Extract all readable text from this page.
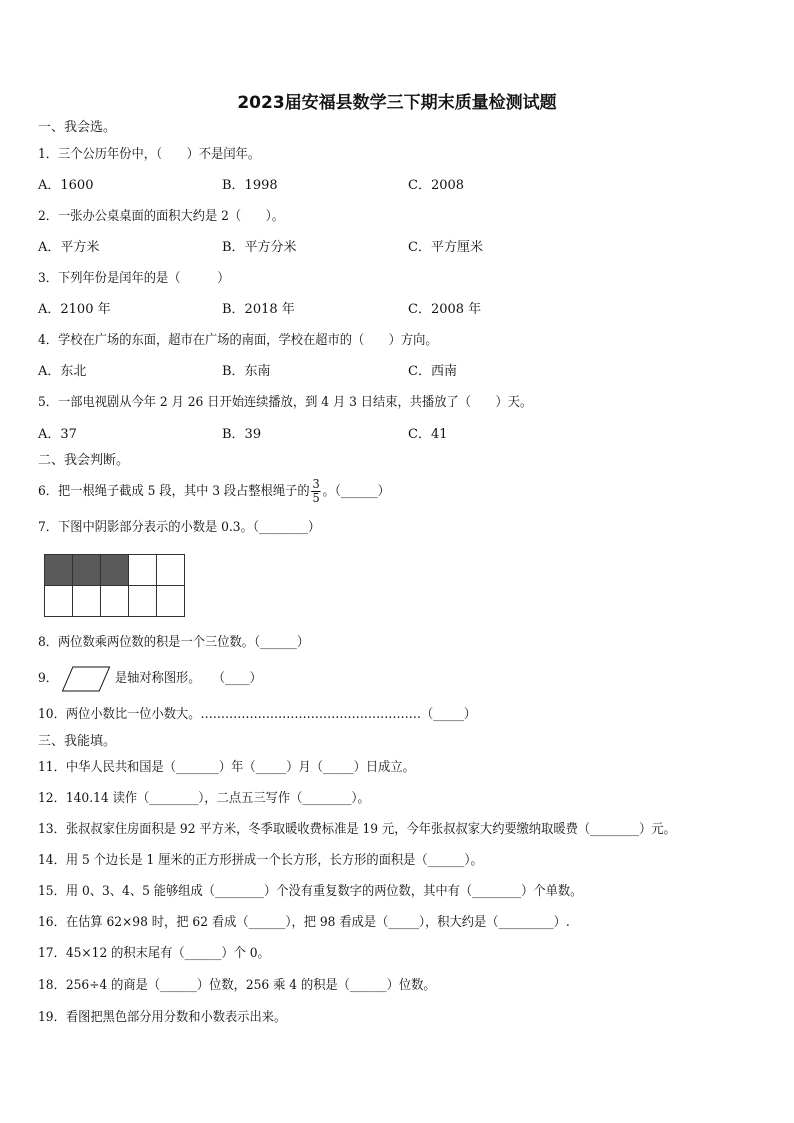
2023届安福县数学三下期末质量检测试题
一、我会选。
1．三个公历年份中，（　　）不是闰年。
A．1600	B．1998	C．2008
2．一张办公桌桌面的面积大约是 2（　　）。
A．平方米	B．平方分米	C．平方厘米
3．下列年份是闰年的是（　　　）
A．2100 年	B．2018 年	C．2008 年
4．学校在广场的东面，超市在广场的南面，学校在超市的（　　）方向。
A．东北	B．东南	C．西南
5．一部电视剧从今年 2 月 26 日开始连续播放，到 4 月 3 日结束，共播放了（　　）天。
A．37	B．39	C．41
二、我会判断。
6．把一根绳子截成 5 段，其中 3 段占整根绳子的 $\frac{3}{5}$ 。（______）
7．下图中阴影部分表示的小数是 0.3。（________）

8．两位数乘两位数的积是一个三位数。（______）
9．	是轴对称图形。　　（____）
10．两位小数比一位小数大。………………………………………………（_____）
三、我能填。
11．中华人民共和国是（_______）年（_____）月（_____）日成立。
12．140.14 读作（________），二点五三写作（________）。
13．张叔叔家住房面积是 92 平方米，冬季取暖收费标准是 19 元，今年张叔叔家大约要缴纳取暖费（________）元。
14．用 5 个边长是 1 厘米的正方形拼成一个长方形，长方形的面积是（______）。
15．用 0、3、4、5 能够组成（________）个没有重复数字的两位数，其中有（________）个单数。
16．在估算 62×98 时，把 62 看成（______），把 98 看成是（_____），积大约是（_________）.
17．45×12 的积末尾有（______）个 0。
18．256÷4 的商是（______）位数，256 乘 4 的积是（______）位数。
19．看图把黑色部分用分数和小数表示出来。
